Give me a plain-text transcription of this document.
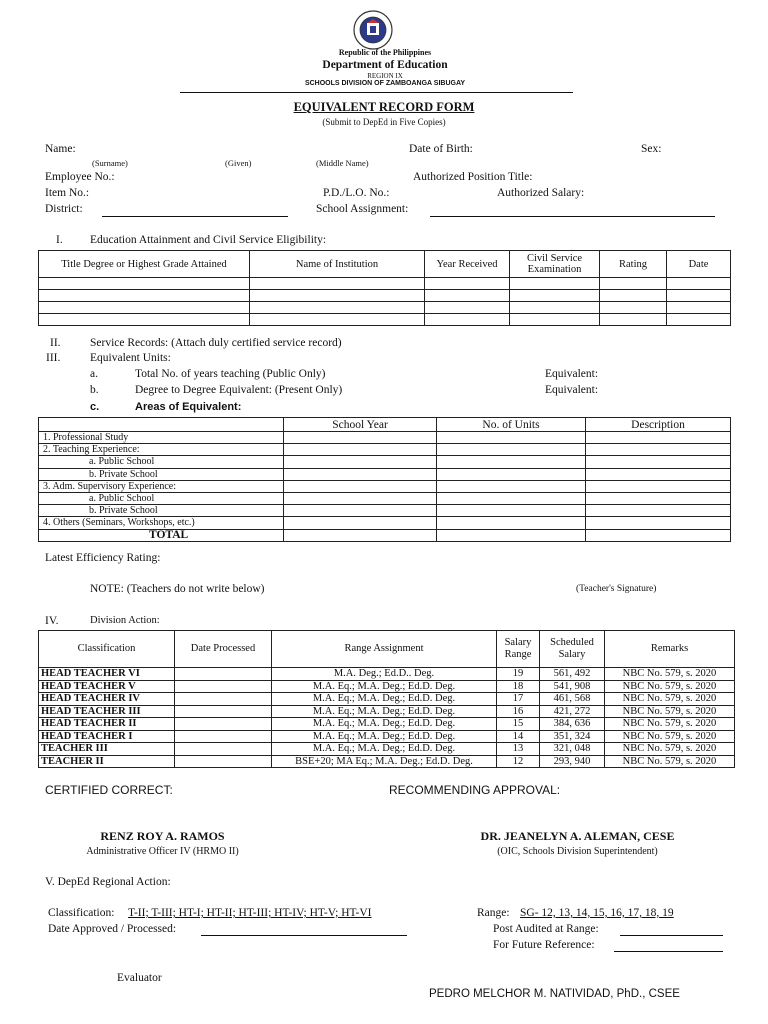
Republic of the Philippines
Department of Education
REGION IX
SCHOOLS DIVISION OF ZAMBOANGA SIBUGAY
EQUIVALENT RECORD FORM
(Submit to DepEd in Five Copies)
Name:
(Surname)	(Given)	(Middle Name)
Date of Birth:	Sex:
Employee No.:	Authorized Position Title:
Item No.:	P.D./L.O. No.:	Authorized Salary:
District:	School Assignment:
I. Education Attainment and Civil Service Eligibility:
Title Degree or Highest Grade Attained	Name of Institution	Year Received	Civil Service Examination	Rating	Date

II.	Service Records: (Attach duly certified service record)
III.	Equivalent Units:
a.	Total No. of years teaching (Public Only)	Equivalent:
b.	Degree to Degree Equivalent: (Present Only)	Equivalent:
c.	Areas of Equivalent:
	School Year	No. of Units	Description
1. Professional Study			
2. Teaching Experience:			
a. Public School			
b. Private School			
3. Adm. Supervisory Experience:			
a. Public School			
b. Private School			
4. Others (Seminars, Workshops, etc.)			
TOTAL			
Latest Efficiency Rating:
NOTE: (Teachers do not write below)	(Teacher's Signature)
IV.	Division Action:
Classification	Date Processed	Range Assignment	Salary Range	Scheduled Salary	Remarks
HEAD TEACHER VI		M.A. Deg.; Ed.D.. Deg.	19	561, 492	NBC No. 579, s. 2020
HEAD TEACHER V		M.A. Eq.; M.A. Deg.; Ed.D. Deg.	18	541, 908	NBC No. 579, s. 2020
HEAD TEACHER IV		M.A. Eq.; M.A. Deg.; Ed.D. Deg.	17	461, 568	NBC No. 579, s. 2020
HEAD TEACHER III		M.A. Eq.; M.A. Deg.; Ed.D. Deg.	16	421, 272	NBC No. 579, s. 2020
HEAD TEACHER II		M.A. Eq.; M.A. Deg.; Ed.D. Deg.	15	384, 636	NBC No. 579, s. 2020
HEAD TEACHER I		M.A. Eq.; M.A. Deg.; Ed.D. Deg.	14	351, 324	NBC No. 579, s. 2020
TEACHER III		M.A. Eq.; M.A. Deg.; Ed.D. Deg.	13	321, 048	NBC No. 579, s. 2020
TEACHER II		BSE+20; MA Eq.; M.A. Deg.; Ed.D. Deg.	12	293, 940	NBC No. 579, s. 2020
CERTIFIED CORRECT:	RECOMMENDING APPROVAL:
RENZ ROY A. RAMOS
Administrative Officer IV (HRMO II)
DR. JEANELYN A. ALEMAN, CESE
(OIC, Schools Division Superintendent)
V. DepEd Regional Action:
Classification: T-II; T-III; HT-I; HT-II; HT-III; HT-IV; HT-V; HT-VI	Range: SG- 12, 13, 14, 15, 16, 17, 18, 19
Date Approved / Processed:	Post Audited at Range:
For Future Reference:
Evaluator
PEDRO MELCHOR M. NATIVIDAD, PhD., CSEE
